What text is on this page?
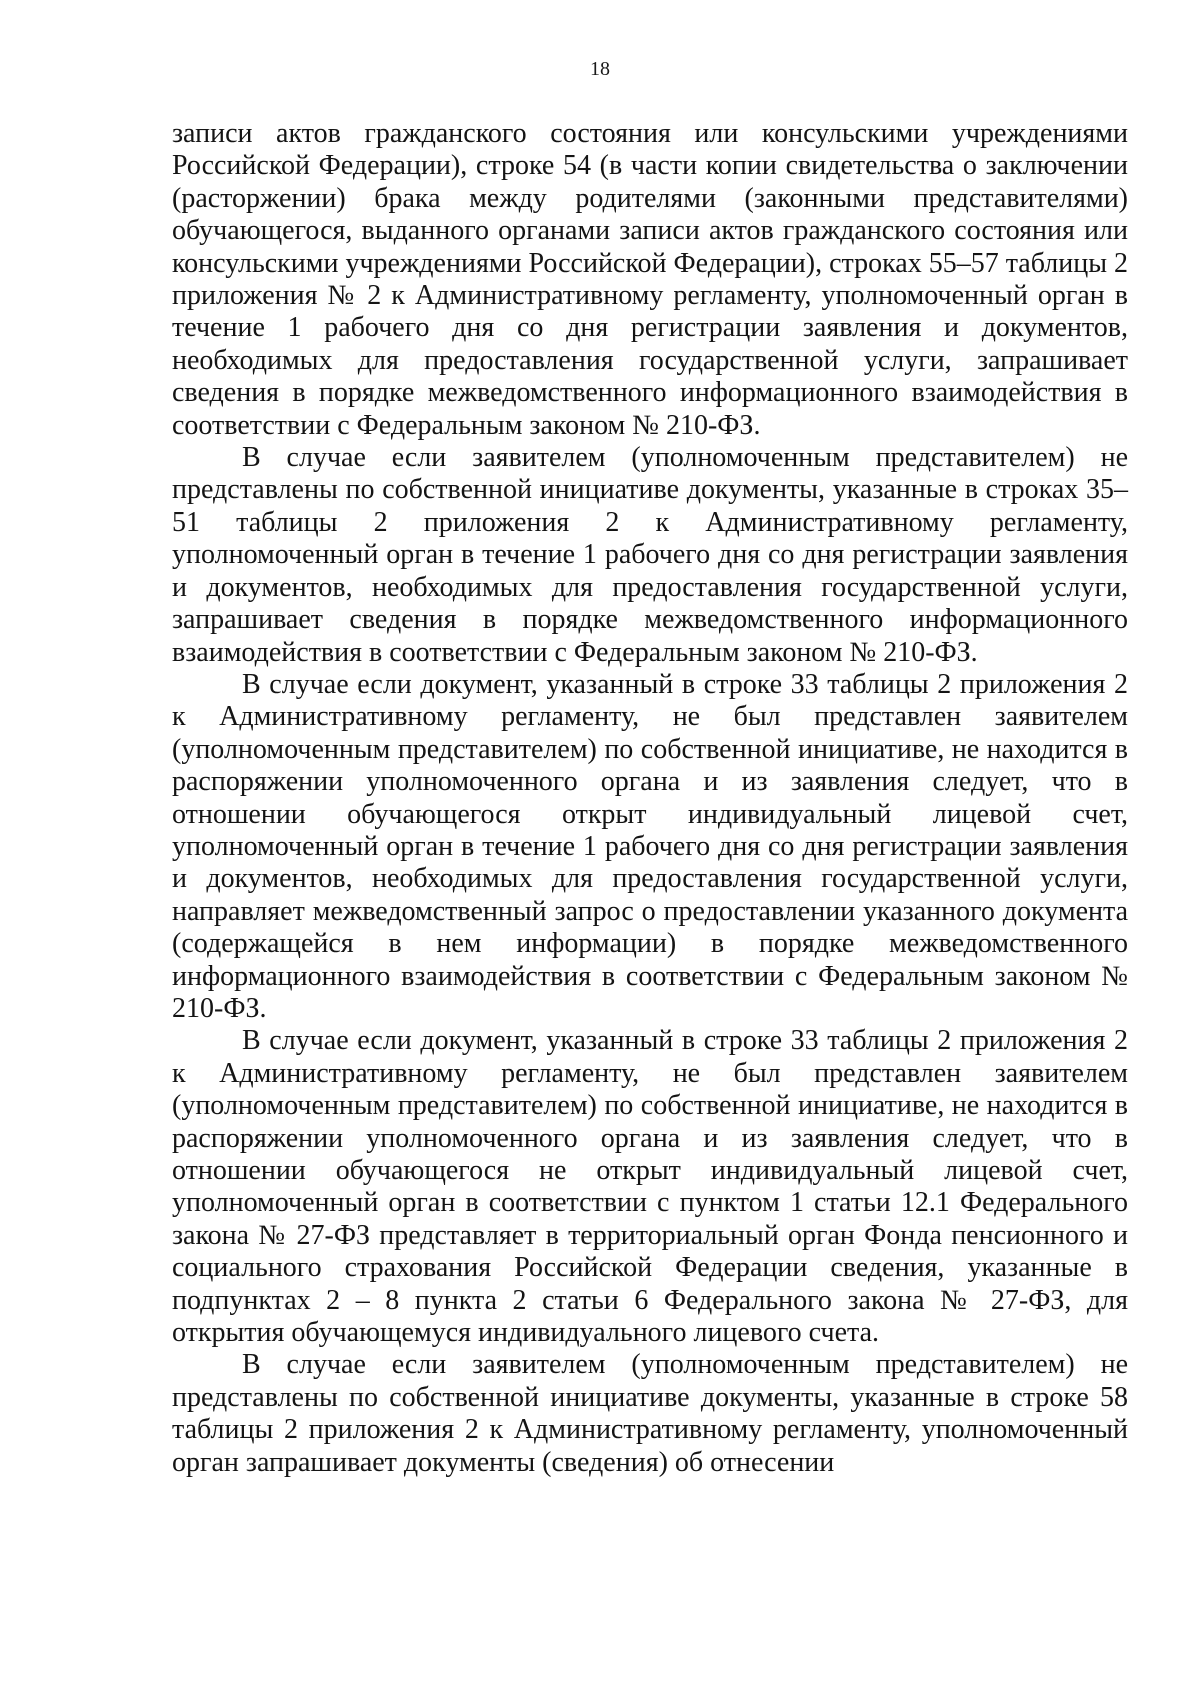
18

записи актов гражданского состояния или консульскими учреждениями Российской Федерации), строке 54 (в части копии свидетельства о заключении (расторжении) брака между родителями (законными представителями) обучающегося, выданного органами записи актов гражданского состояния или консульскими учреждениями Российской Федерации), строках 55–57 таблицы 2 приложения № 2 к Административному регламенту, уполномоченный орган в течение 1 рабочего дня со дня регистрации заявления и документов, необходимых для предоставления государственной услуги, запрашивает сведения в порядке межведомственного информационного взаимодействия в соответствии с Федеральным законом № 210-ФЗ.

В случае если заявителем (уполномоченным представителем) не представлены по собственной инициативе документы, указанные в строках 35–51 таблицы 2 приложения 2 к Административному регламенту, уполномоченный орган в течение 1 рабочего дня со дня регистрации заявления и документов, необходимых для предоставления государственной услуги, запрашивает сведения в порядке межведомственного информационного взаимодействия в соответствии с Федеральным законом № 210-ФЗ.

В случае если документ, указанный в строке 33 таблицы 2 приложения 2 к Административному регламенту, не был представлен заявителем (уполномоченным представителем) по собственной инициативе, не находится в распоряжении уполномоченного органа и из заявления следует, что в отношении обучающегося открыт индивидуальный лицевой счет, уполномоченный орган в течение 1 рабочего дня со дня регистрации заявления и документов, необходимых для предоставления государственной услуги, направляет межведомственный запрос о предоставлении указанного документа (содержащейся в нем информации) в порядке межведомственного информационного взаимодействия в соответствии с Федеральным законом № 210-ФЗ.

В случае если документ, указанный в строке 33 таблицы 2 приложения 2 к Административному регламенту, не был представлен заявителем (уполномоченным представителем) по собственной инициативе, не находится в распоряжении уполномоченного органа и из заявления следует, что в отношении обучающегося не открыт индивидуальный лицевой счет, уполномоченный орган в соответствии с пунктом 1 статьи 12.1 Федерального закона № 27-ФЗ представляет в территориальный орган Фонда пенсионного и социального страхования Российской Федерации сведения, указанные в подпунктах 2 – 8 пункта 2 статьи 6 Федерального закона № 27-ФЗ, для открытия обучающемуся индивидуального лицевого счета.

В случае если заявителем (уполномоченным представителем) не представлены по собственной инициативе документы, указанные в строке 58 таблицы 2 приложения 2 к Административному регламенту, уполномоченный орган запрашивает документы (сведения) об отнесении
